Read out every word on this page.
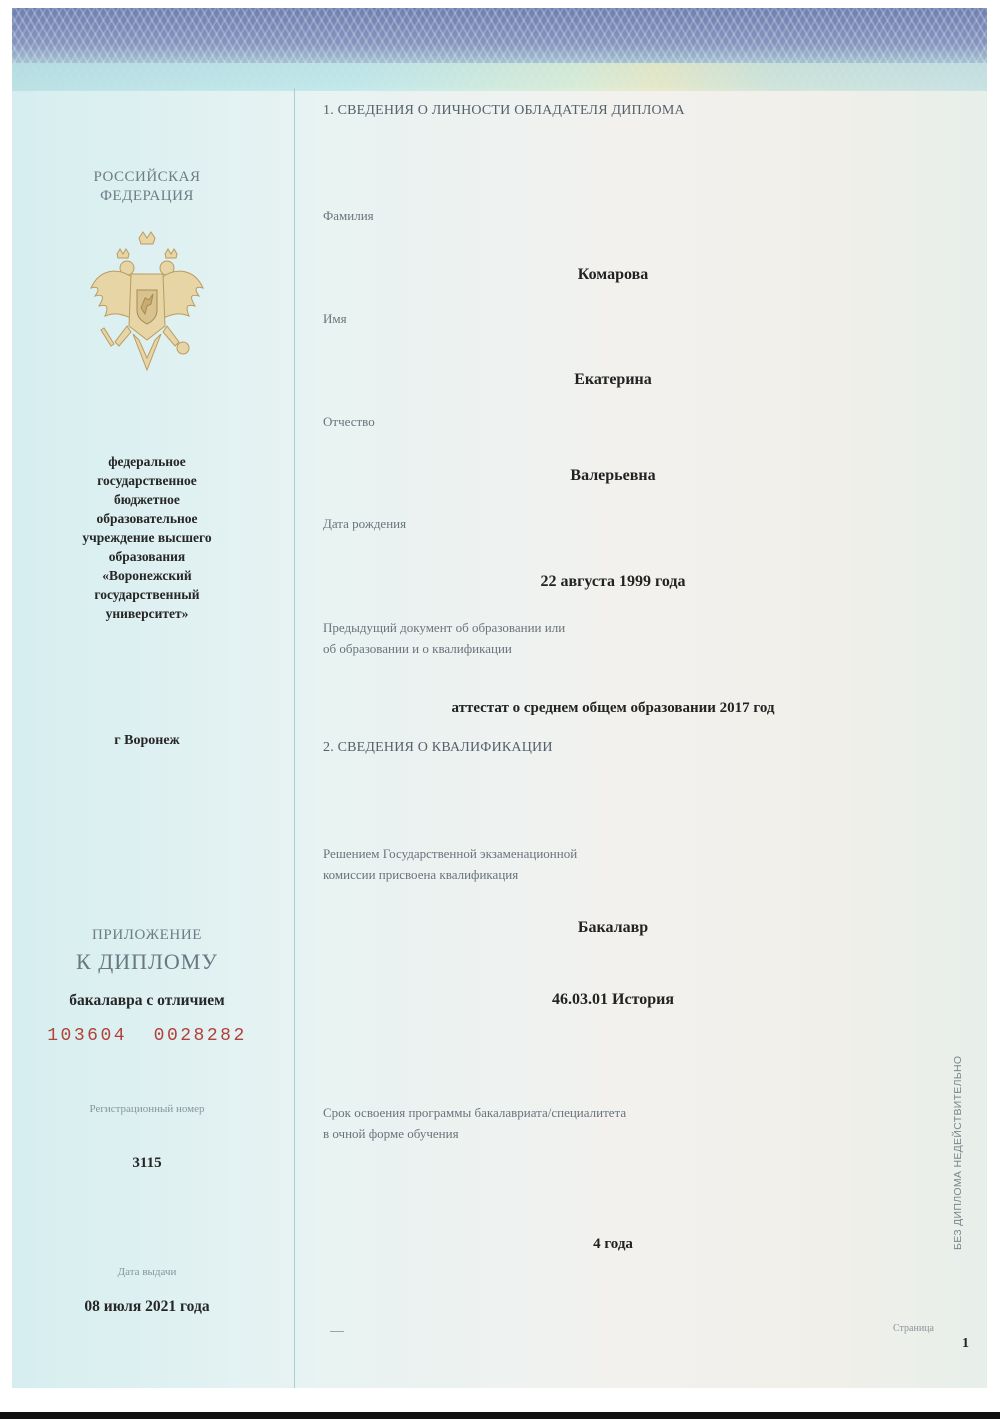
РОССИЙСКАЯ
ФЕДЕРАЦИЯ
федеральное
государственное
бюджетное
образовательное
учреждение высшего
образования
«Воронежский
государственный
университет»
г Воронеж
ПРИЛОЖЕНИЕ
К ДИПЛОМУ
бакалавра с отличием
103604  0028282
Регистрационный номер
3115
Дата выдачи
08 июля 2021 года
1. СВЕДЕНИЯ О ЛИЧНОСТИ ОБЛАДАТЕЛЯ ДИПЛОМА
Фамилия
Комарова
Имя
Екатерина
Отчество
Валерьевна
Дата рождения
22 августа 1999 года
Предыдущий документ об образовании или
об образовании и о квалификации
аттестат о среднем общем образовании 2017 год
2. СВЕДЕНИЯ О КВАЛИФИКАЦИИ
Решением Государственной экзаменационной
комиссии присвоена квалификация
Бакалавр
46.03.01 История
Срок освоения программы бакалавриата/специалитета
в очной форме обучения
4 года	БЕЗ ДИПЛОМА НЕДЕЙСТВИТЕЛЬНО
Страница
1
